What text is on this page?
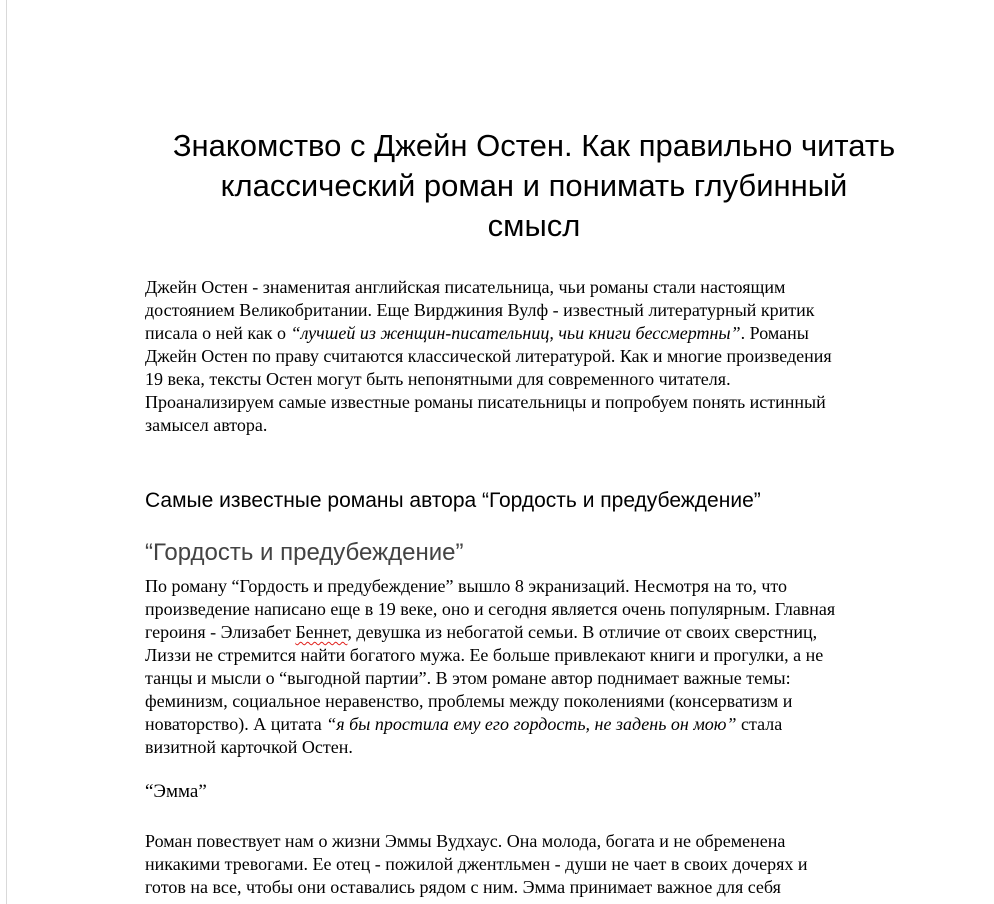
Знакомство с Джейн Остен. Как правильно читать
классический роман и понимать глубинный
смысл

Джейн Остен - знаменитая английская писательница, чьи романы стали настоящим
достоянием Великобритании. Еще Вирджиния Вулф - известный литературный критик
писала о ней как о “лучшей из женщин-писательниц, чьи книги бессмертны”. Романы
Джейн Остен по праву считаются классической литературой. Как и многие произведения
19 века, тексты Остен могут быть непонятными для современного читателя.
Проанализируем самые известные романы писательницы и попробуем понять истинный
замысел автора.

Самые известные романы автора “Гордость и предубеждение”
“Гордость и предубеждение”

По роману “Гордость и предубеждение” вышло 8 экранизаций. Несмотря на то, что
произведение написано еще в 19 веке, оно и сегодня является очень популярным. Главная
героиня - Элизабет Беннет, девушка из небогатой семьи. В отличие от своих сверстниц,
Лиззи не стремится найти богатого мужа. Ее больше привлекают книги и прогулки, а не
танцы и мысли о “выгодной партии”. В этом романе автор поднимает важные темы:
феминизм, социальное неравенство, проблемы между поколениями (консерватизм и
новаторство). А цитата “я бы простила ему его гордость, не задень он мою” стала
визитной карточкой Остен.

“Эмма”

Роман повествует нам о жизни Эммы Вудхаус. Она молода, богата и не обременена
никакими тревогами. Ее отец - пожилой джентльмен - души не чает в своих дочерях и
готов на все, чтобы они оставались рядом с ним. Эмма принимает важное для себя
